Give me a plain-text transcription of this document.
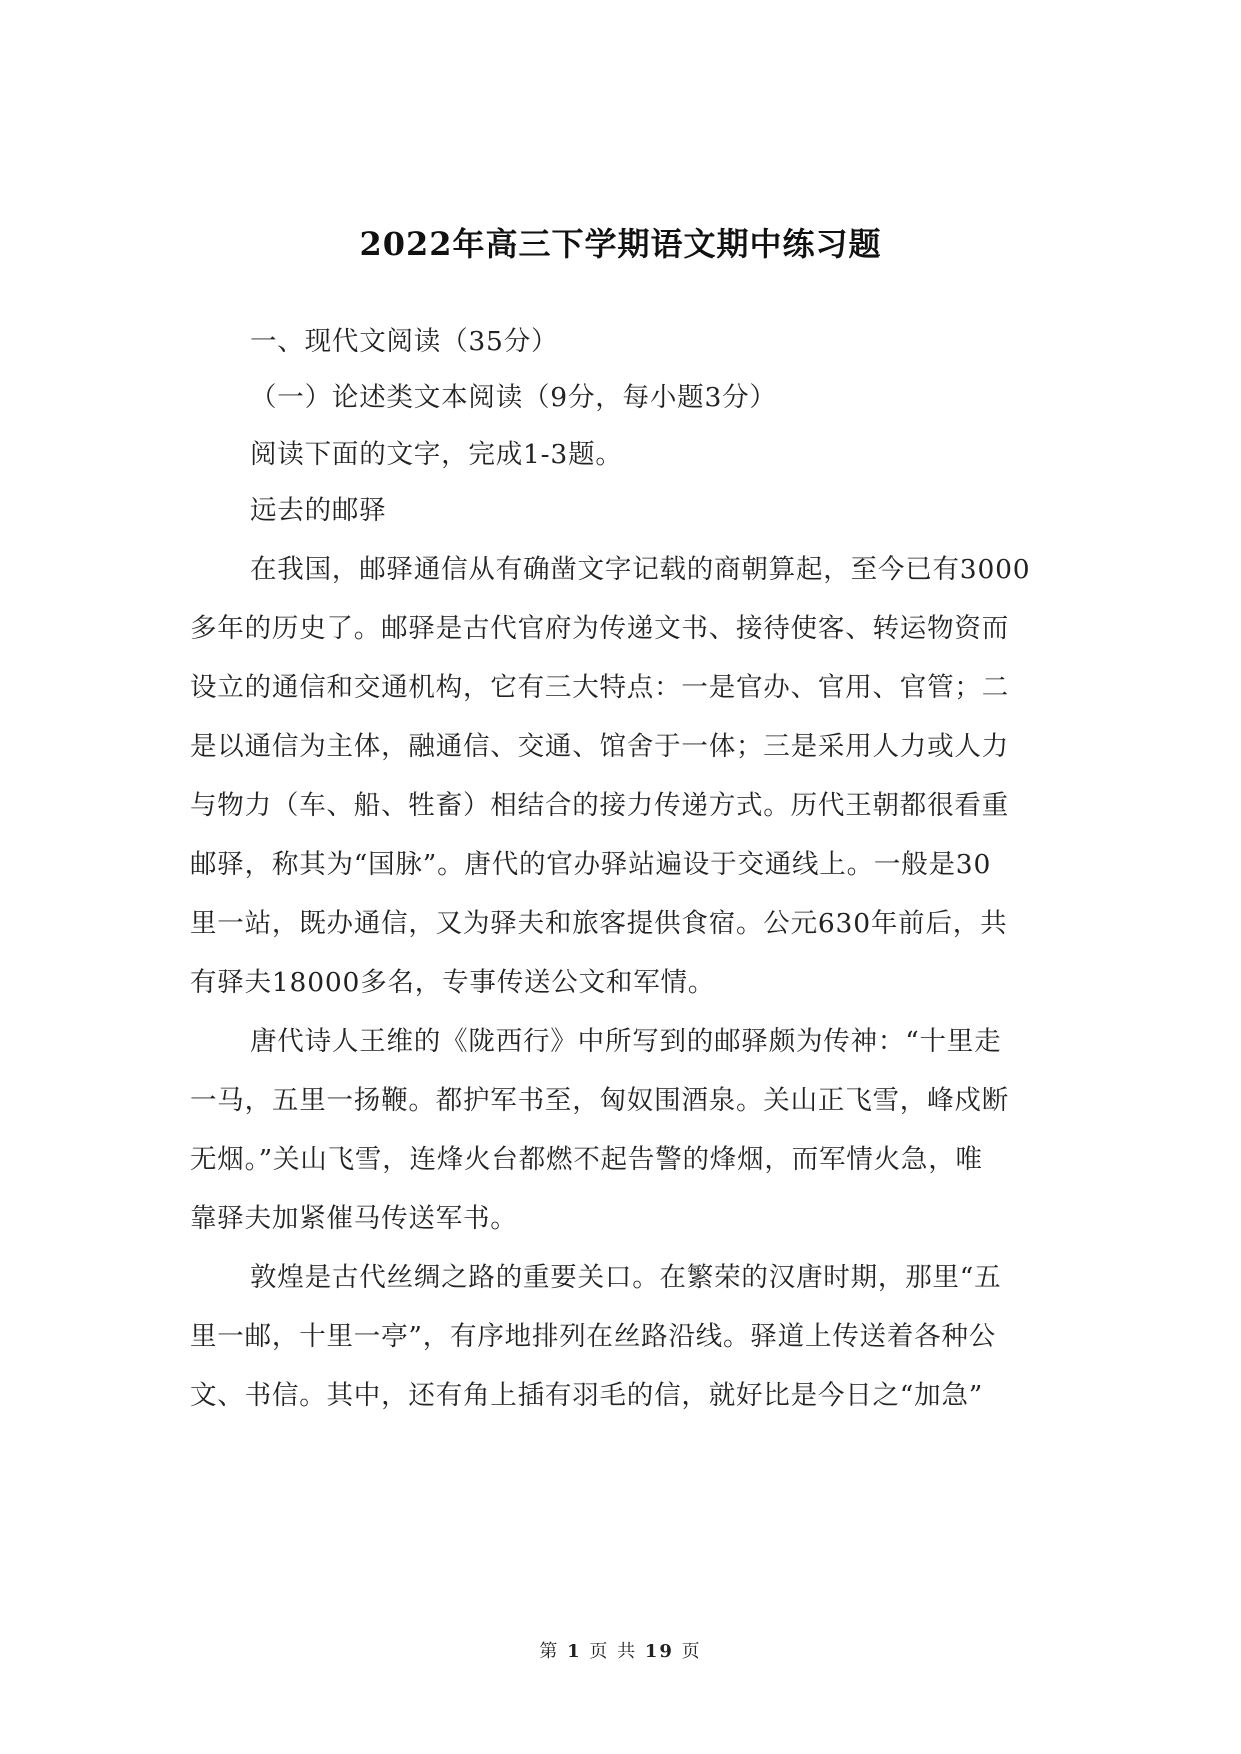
2022年高三下学期语文期中练习题
一、现代文阅读（35分）
（一）论述类文本阅读（9分，每小题3分）
阅读下面的文字，完成1-3题。
远去的邮驿
在我国，邮驿通信从有确凿文字记载的商朝算起，至今已有3000
多年的历史了。邮驿是古代官府为传递文书、接待使客、转运物资而
设立的通信和交通机构，它有三大特点：一是官办、官用、官管；二
是以通信为主体，融通信、交通、馆舍于一体；三是采用人力或人力
与物力（车、船、牲畜）相结合的接力传递方式。历代王朝都很看重
邮驿，称其为“国脉”。唐代的官办驿站遍设于交通线上。一般是30
里一站，既办通信，又为驿夫和旅客提供食宿。公元630年前后，共
有驿夫18000多名，专事传送公文和军情。
唐代诗人王维的《陇西行》中所写到的邮驿颇为传神：“十里走
一马，五里一扬鞭。都护军书至，匈奴围酒泉。关山正飞雪，峰戍断
无烟。”关山飞雪，连烽火台都燃不起告警的烽烟，而军情火急，唯
靠驿夫加紧催马传送军书。
敦煌是古代丝绸之路的重要关口。在繁荣的汉唐时期，那里“五
里一邮，十里一亭”，有序地排列在丝路沿线。驿道上传送着各种公
文、书信。其中，还有角上插有羽毛的信，就好比是今日之“加急”
第 1 页 共 19 页
